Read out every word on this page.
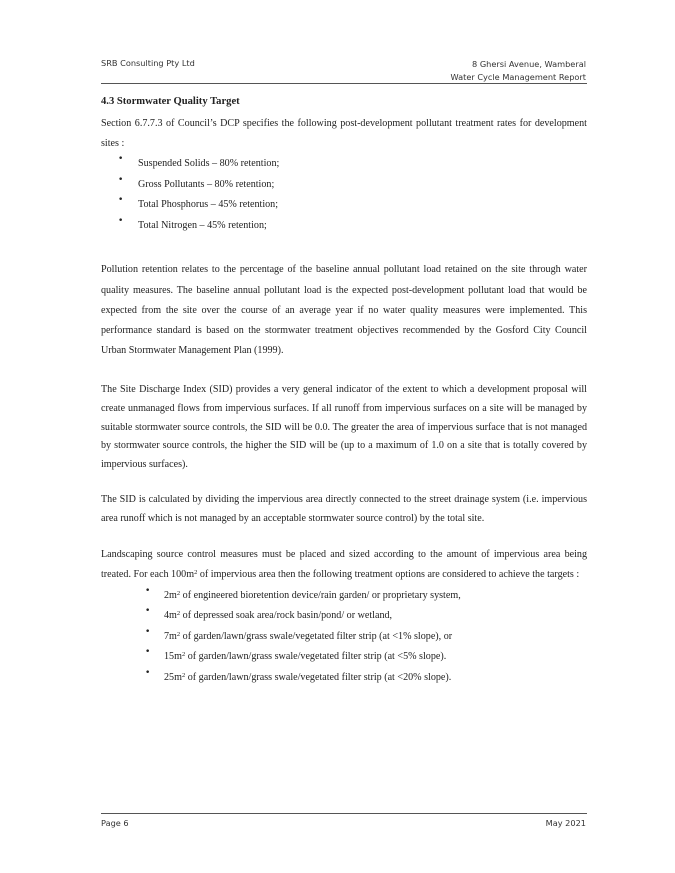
SRB Consulting Pty Ltd	8 Ghersi Avenue, Wamberal
Water Cycle Management Report
4.3 Stormwater Quality Target

Section 6.7.7.3 of Council’s DCP specifies the following post-development pollutant treatment rates for development sites :

• Suspended Solids – 80% retention;
• Gross Pollutants – 80% retention;
• Total Phosphorus – 45% retention;
• Total Nitrogen – 45% retention;

Pollution retention relates to the percentage of the baseline annual pollutant load retained on the site through water quality measures. The baseline annual pollutant load is the expected post-development pollutant load that would be expected from the site over the course of an average year if no water quality measures were implemented. This performance standard is based on the stormwater treatment objectives recommended by the Gosford City Council Urban Stormwater Management Plan (1999).

The Site Discharge Index (SID) provides a very general indicator of the extent to which a development proposal will create unmanaged flows from impervious surfaces. If all runoff from impervious surfaces on a site will be managed by suitable stormwater source controls, the SID will be 0.0. The greater the area of impervious surface that is not managed by stormwater source controls, the higher the SID will be (up to a maximum of 1.0 on a site that is totally covered by impervious surfaces).

The SID is calculated by dividing the impervious area directly connected to the street drainage system (i.e. impervious area runoff which is not managed by an acceptable stormwater source control) by the total site.

Landscaping source control measures must be placed and sized according to the amount of impervious area being treated. For each $100m^2$ of impervious area then the following treatment options are considered to achieve the targets :

• $2m^2$ of engineered bioretention device/rain garden/ or proprietary system,
• $4m^2$ of depressed soak area/rock basin/pond/ or wetland,
• $7m^2$ of garden/lawn/grass swale/vegetated filter strip (at <1% slope), or
• $15m^2$ of garden/lawn/grass swale/vegetated filter strip (at <5% slope).
• $25m^2$ of garden/lawn/grass swale/vegetated filter strip (at <20% slope).
Page 6	May 2021
